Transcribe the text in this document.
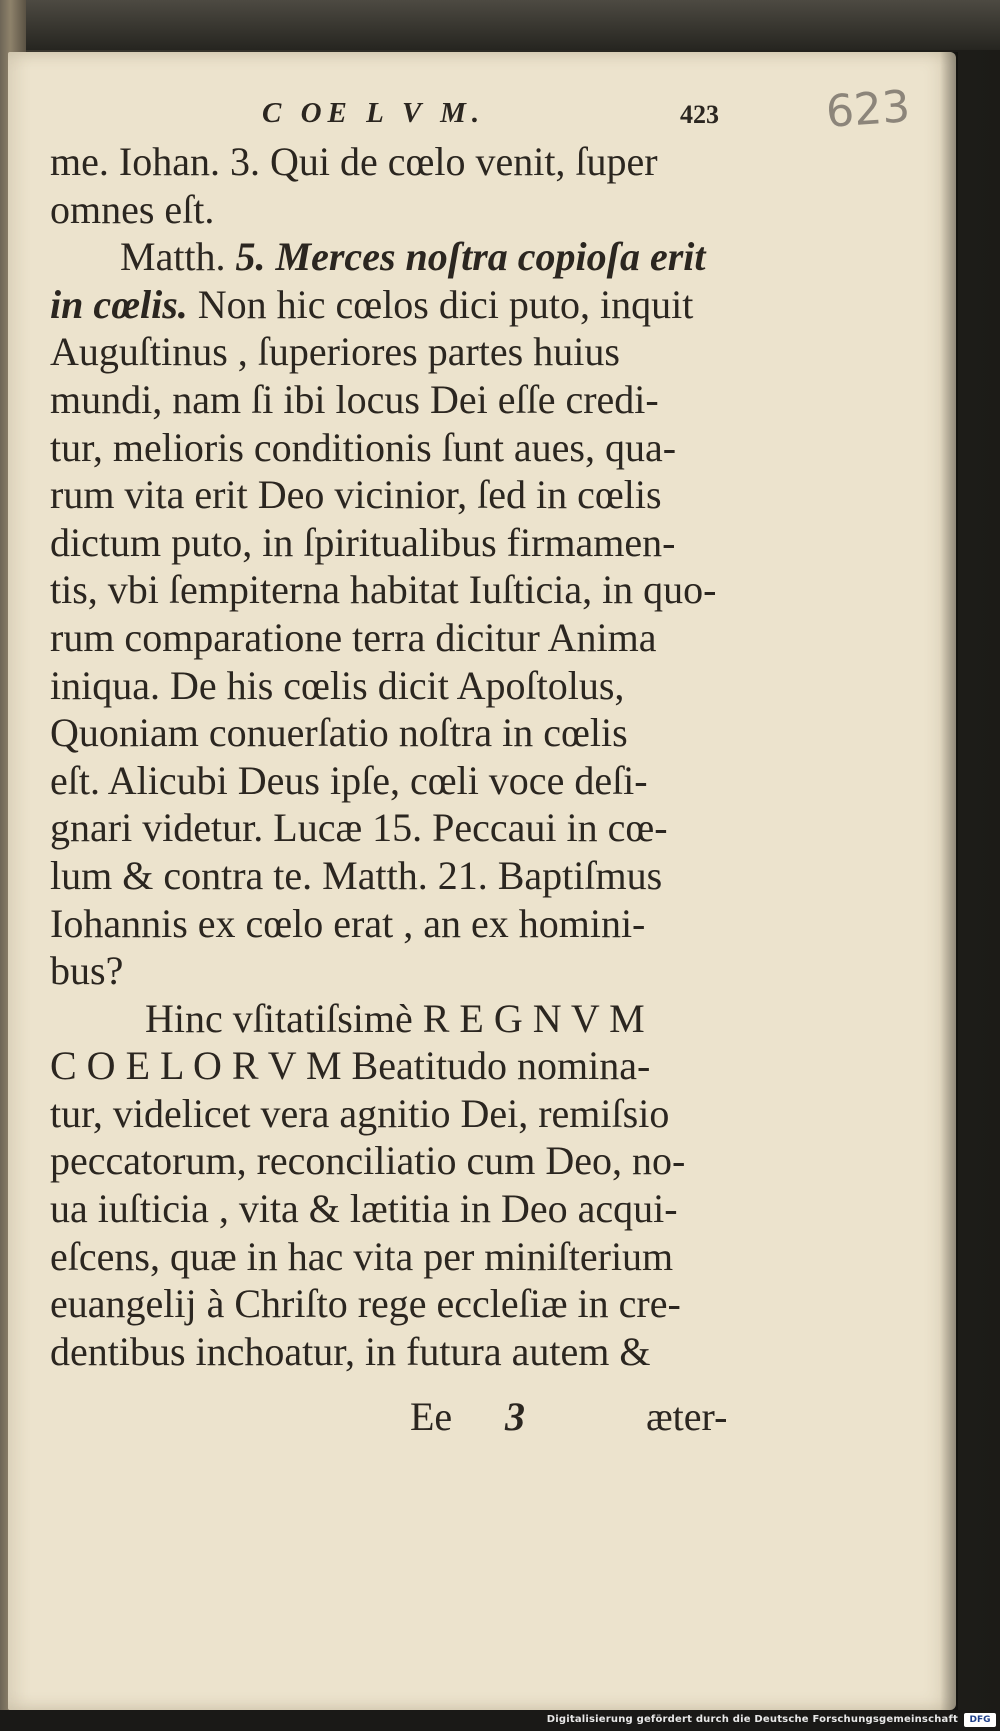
C OE L V M.	423 623
me. Iohan. 3. Qui de cœlo venit, ſuper
omnes eſt.
Matth. 5. Merces noſtra copioſa erit
in cœlis. Non hic cœlos dici puto, inquit
Auguſtinus , ſuperiores partes huius
mundi, nam ſi ibi locus Dei eſſe credi-
tur, melioris conditionis ſunt aues, qua-
rum vita erit Deo vicinior, ſed in cœlis
dictum puto, in ſpiritualibus firmamen-
tis, vbi ſempiterna habitat Iuſticia, in quo-
rum comparatione terra dicitur Anima
iniqua. De his cœlis dicit Apoſtolus,
Quoniam conuerſatio noſtra in cœlis
eſt. Alicubi Deus ipſe, cœli voce deſi-
gnari videtur. Lucæ 15. Peccaui in cœ-
lum & contra te. Matth. 21. Baptiſmus
Iohannis ex cœlo erat , an ex homini-
bus?
Hinc vſitatiſsimè R E G N V M
C O E L O R V M Beatitudo nomina-
tur, videlicet vera agnitio Dei, remiſsio
peccatorum, reconciliatio cum Deo, no-
ua iuſticia , vita & lætitia in Deo acqui-
eſcens, quæ in hac vita per miniſterium
euangelij à Chriſto rege eccleſiæ in cre-
dentibus inchoatur, in futura autem &
Ee 3	æter-
Digitalisierung gefördert durch die Deutsche Forschungsgemeinschaft	DFG
